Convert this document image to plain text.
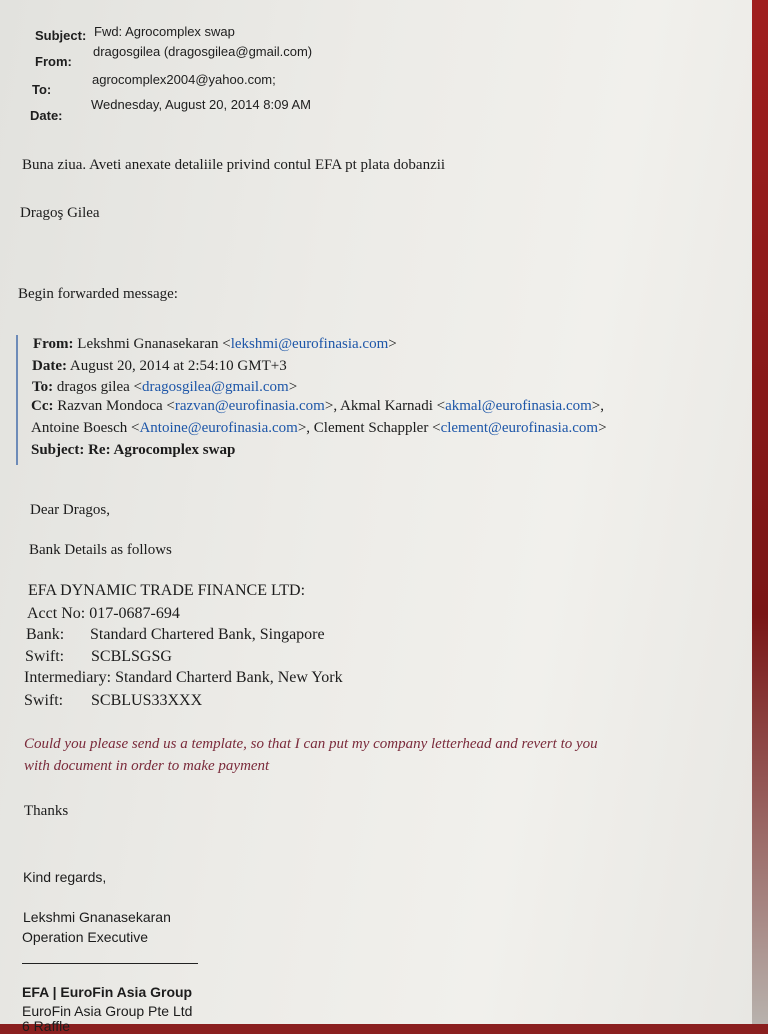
Subject: Fwd: Agrocomplex swap
From:
dragosgilea (dragosgilea@gmail.com)
To:
agrocomplex2004@yahoo.com;
Date:
Wednesday, August 20, 2014 8:09 AM
Buna ziua. Aveti anexate detaliile privind contul EFA pt plata dobanzii
Dragoş Gilea
Begin forwarded message:
From: Lekshmi Gnanasekaran <lekshmi@eurofinasia.com>
Date: August 20, 2014 at 2:54:10 GMT+3
To: dragos gilea <dragosgilea@gmail.com>
Cc: Razvan Mondoca <razvan@eurofinasia.com>, Akmal Karnadi <akmal@eurofinasia.com>,
Antoine Boesch <Antoine@eurofinasia.com>, Clement Schappler <clement@eurofinasia.com>
Subject: Re: Agrocomplex swap
Dear Dragos,
Bank Details as follows
EFA DYNAMIC TRADE FINANCE LTD:
Acct No: 017-0687-694
Bank: Standard Chartered Bank, Singapore
Swift: SCBLSGSG
Intermediary: Standard Charterd Bank, New York
Swift: SCBLUS33XXX
Could you please send us a template, so that I can put my company letterhead and revert to you
with document in order to make payment
Thanks
Kind regards,
Lekshmi Gnanasekaran
Operation Executive
EFA | EuroFin Asia Group
EuroFin Asia Group Pte Ltd
6 Raffle
